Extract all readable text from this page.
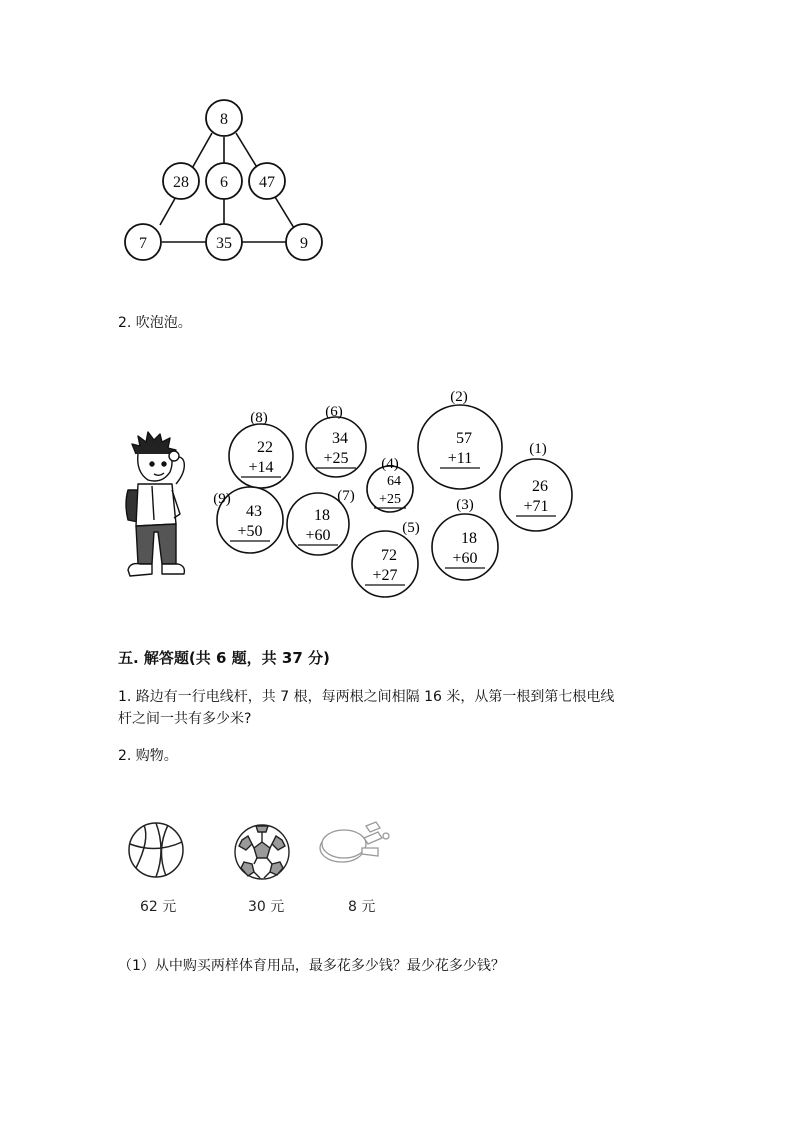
8
28 6 47
7	35	9
2. 吹泡泡。
22
+14
(8)
34
+25
(6)
57
+11
(2)
26
+71
(1)
64
+25
(4)
43
+50
(9)
18
+60
(7)
72
+27
(5)
18
+60
(3)
五. 解答题(共 6 题，共 37 分)
1. 路边有一行电线杆，共 7 根，每两根之间相隔 16 米，从第一根到第七根电线
杆之间一共有多少米?
2. 购物。
62 元	30 元	8 元
（1）从中购买两样体育用品，最多花多少钱？最少花多少钱？
